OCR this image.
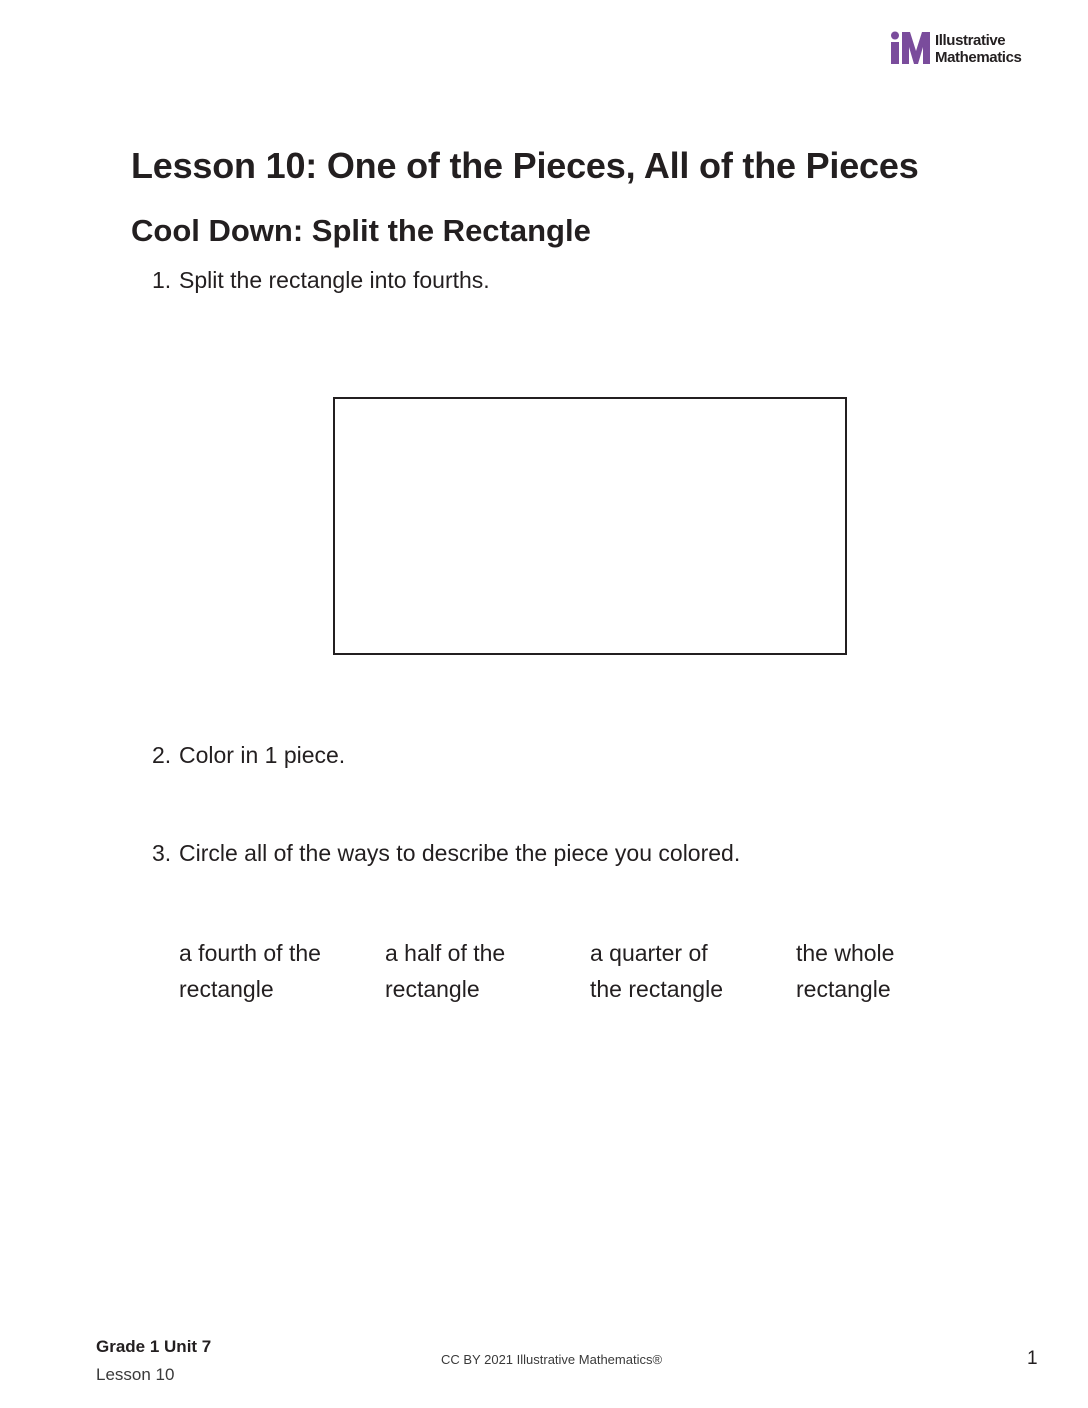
Illustrative
Mathematics
Lesson 10: One of the Pieces, All of the Pieces
Cool Down: Split the Rectangle
1. Split the rectangle into fourths.
2. Color in 1 piece.
3. Circle all of the ways to describe the piece you colored.
a fourth of the
rectangle
a half of the
rectangle
a quarter of
the rectangle
the whole
rectangle
Grade 1 Unit 7
Lesson 10
CC BY 2021 Illustrative Mathematics®	1
